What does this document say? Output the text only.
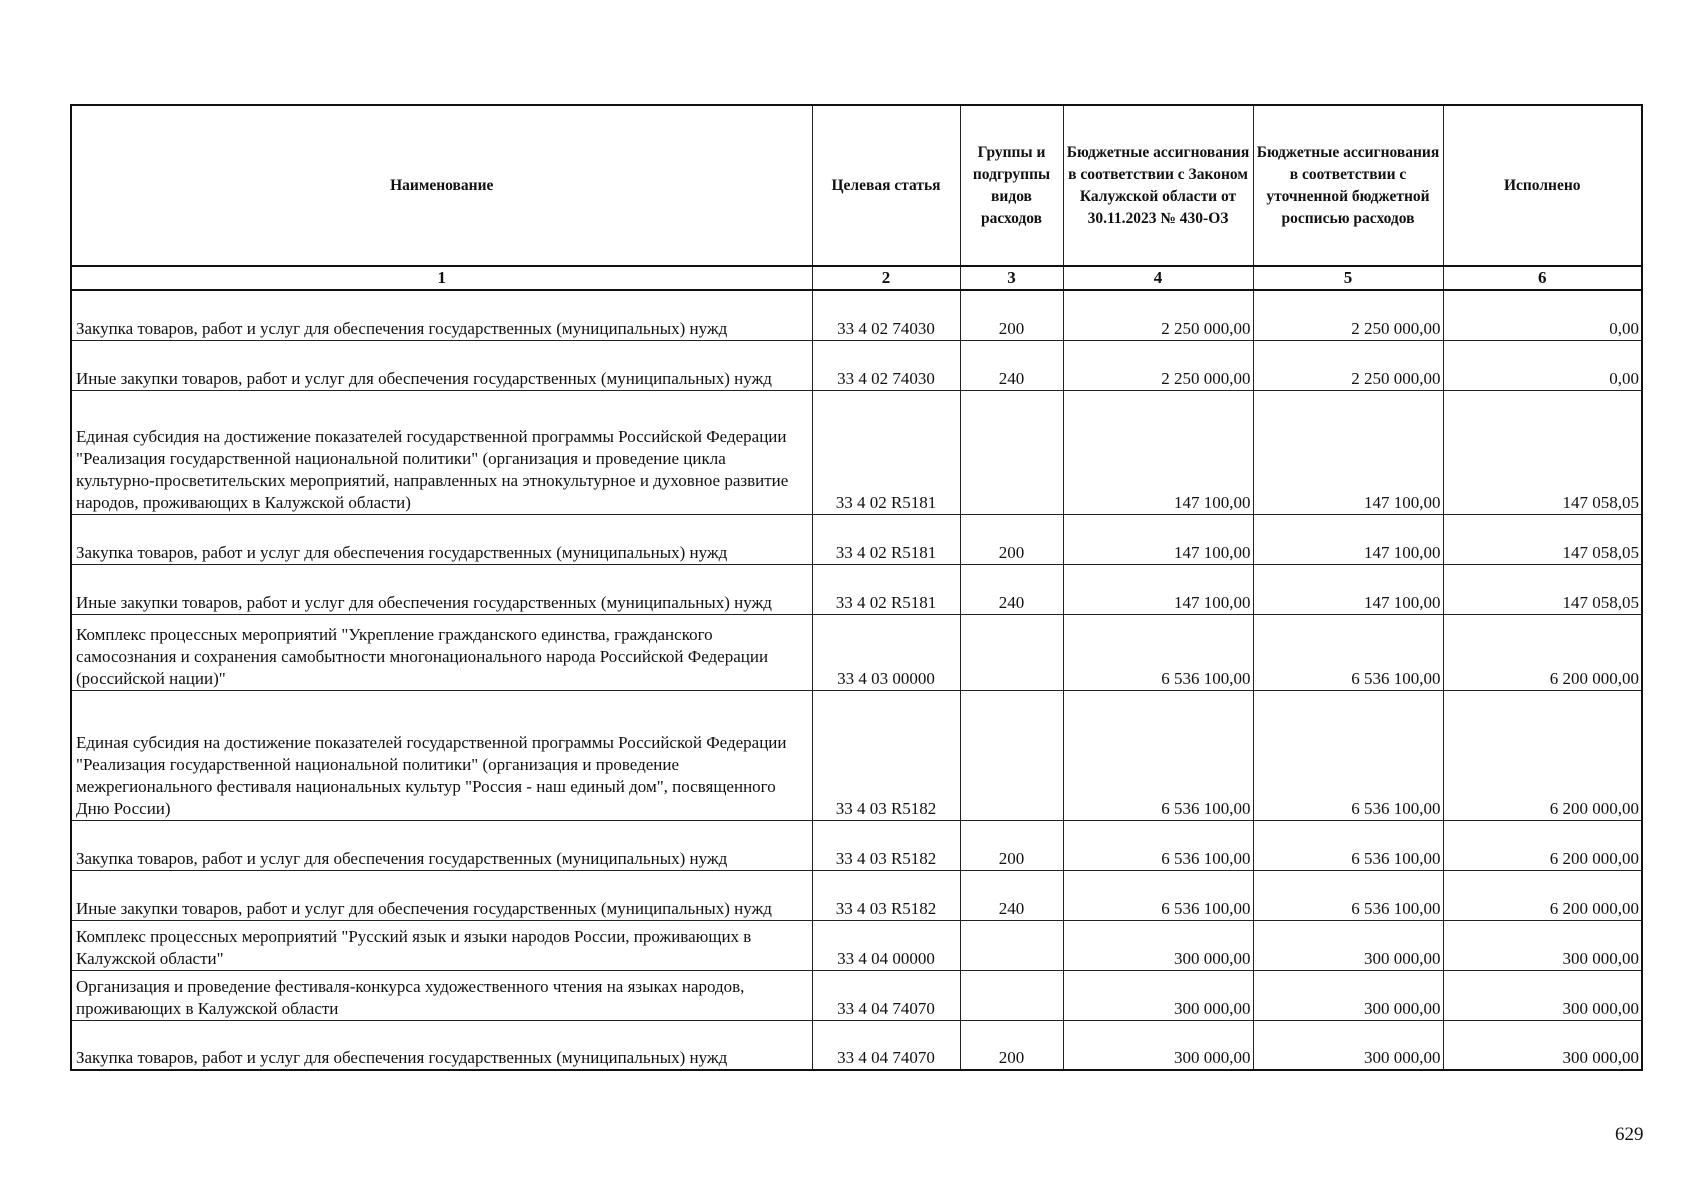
Наименование	Целевая статья	Группы и подгруппы видов расходов	Бюджетные ассигнования в соответствии с Законом Калужской области от 30.11.2023 № 430-ОЗ	Бюджетные ассигнования в соответствии с уточненной бюджетной росписью расходов	Исполнено
1	2	3	4	5	6
Закупка товаров, работ и услуг для обеспечения государственных (муниципальных) нужд	33 4 02 74030	200	2 250 000,00	2 250 000,00	0,00
Иные закупки товаров, работ и услуг для обеспечения государственных (муниципальных) нужд	33 4 02 74030	240	2 250 000,00	2 250 000,00	0,00
Единая субсидия на достижение показателей государственной программы Российской Федерации "Реализация государственной национальной политики" (организация и проведение цикла культурно-просветительских мероприятий, направленных на этнокультурное и духовное развитие народов, проживающих в Калужской области)	33 4 02 R5181		147 100,00	147 100,00	147 058,05
Закупка товаров, работ и услуг для обеспечения государственных (муниципальных) нужд	33 4 02 R5181	200	147 100,00	147 100,00	147 058,05
Иные закупки товаров, работ и услуг для обеспечения государственных (муниципальных) нужд	33 4 02 R5181	240	147 100,00	147 100,00	147 058,05
Комплекс процессных мероприятий "Укрепление гражданского единства, гражданского самосознания и сохранения самобытности многонационального народа Российской Федерации (российской нации)"	33 4 03 00000		6 536 100,00	6 536 100,00	6 200 000,00
Единая субсидия на достижение показателей государственной программы Российской Федерации "Реализация государственной национальной политики" (организация и проведение межрегионального фестиваля национальных культур "Россия - наш единый дом", посвященного Дню России)	33 4 03 R5182		6 536 100,00	6 536 100,00	6 200 000,00
Закупка товаров, работ и услуг для обеспечения государственных (муниципальных) нужд	33 4 03 R5182	200	6 536 100,00	6 536 100,00	6 200 000,00
Иные закупки товаров, работ и услуг для обеспечения государственных (муниципальных) нужд	33 4 03 R5182	240	6 536 100,00	6 536 100,00	6 200 000,00
Комплекс процессных мероприятий "Русский язык и языки народов России, проживающих в Калужской области"	33 4 04 00000		300 000,00	300 000,00	300 000,00
Организация и проведение фестиваля-конкурса художественного чтения на языках народов, проживающих в Калужской области	33 4 04 74070		300 000,00	300 000,00	300 000,00
Закупка товаров, работ и услуг для обеспечения государственных (муниципальных) нужд	33 4 04 74070	200	300 000,00	300 000,00	300 000,00
629
